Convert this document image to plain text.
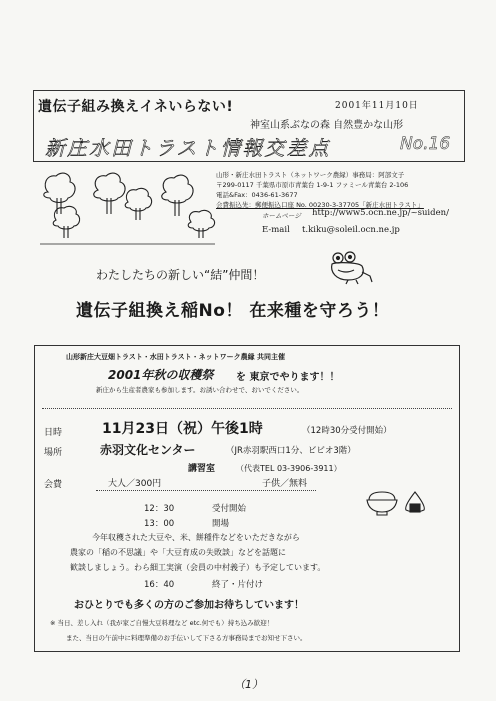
遺伝子組み換えイネいらない!	2001年11月10日
神室山系ぶなの森 自然豊かな山形
新庄水田トラスト情報交差点	No.16
山形・新庄水田トラスト（ネットワーク農縁）事務局：阿部文子
〒299-0117 千葉県市原市青葉台 1-9-1 ファミール青葉台 2-106
電話&Fax：0436-61-3677
会費振込先：郵便振込口座 No. 00230-3-37705「新庄水田トラスト」
ホームページ http://www5.ocn.ne.jp/~suiden/
E-mail t.kiku@soleil.ocn.ne.jp
わたしたちの新しい“結”仲間！
遺伝子組換え稲No！ 在来種を守ろう！
山形新庄大豆畑トラスト・水田トラスト・ネットワーク農縁 共同主催
2001年秋の収穫祭 を 東京でやります！！
新庄から生産者農家も参加します。お誘い合わせで、おいでください。
日時	11月23日（祝）午後1時	（12時30分受付開始）
場所	赤羽文化センター	（JR赤羽駅西口1分、ビビオ3階）
講習室	（代表TEL 03-3906-3911）
会費	大人／300円	子供／無料
12：30	受付開始
13：00	開場
今年収穫された大豆や、米、餅種件などをいただきながら
農家の「稲の不思議」や「大豆育成の失敗談」などを話題に
歓談しましょう。わら細工実演（会員の中村義子）も予定しています。
16：40	終了・片付け
おひとりでも多くの方のご参加お待ちしています！
※ 当日、差し入れ（我が家ご自慢大豆料理など etc.何でも）持ち込み歓迎！
また、当日の午前中に料理準備のお手伝いして下さる方事務局までお知せ下さい。
（1）
